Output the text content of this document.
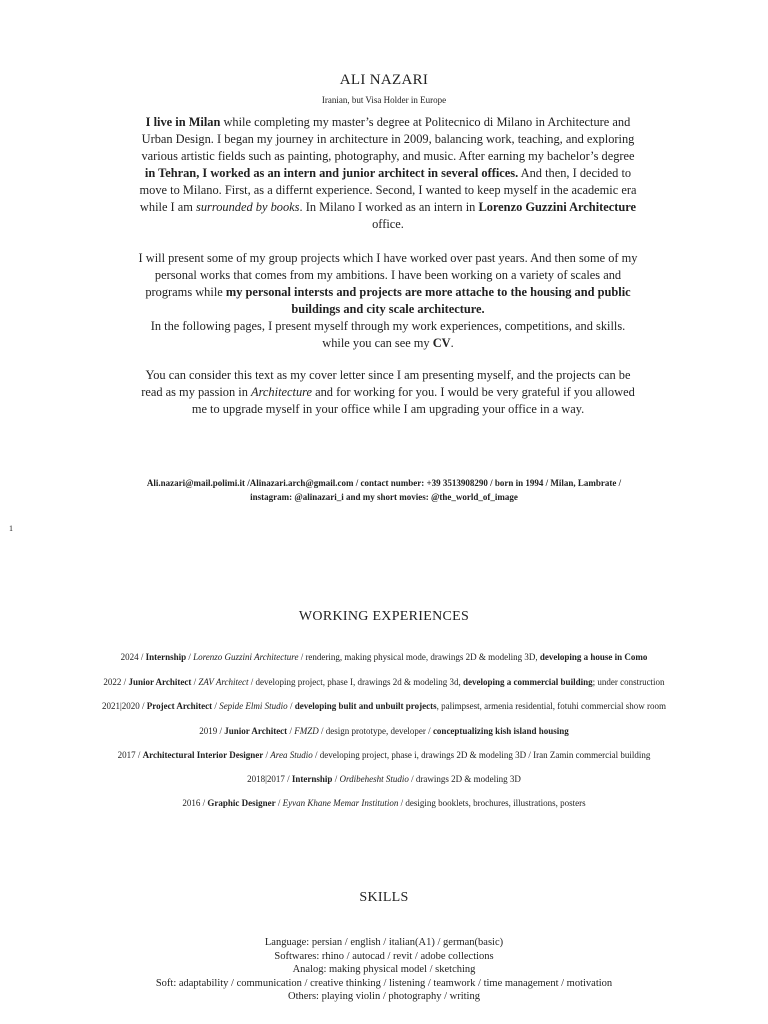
ALI NAZARI
Iranian, but Visa Holder in Europe
I live in Milan while completing my master’s degree at Politecnico di Milano in Architecture and Urban Design. I began my journey in architecture in 2009, balancing work, teaching, and exploring various artistic fields such as painting, photography, and music. After earning my bachelor’s degree in Tehran, I worked as an intern and junior architect in several offices. And then, I decided to move to Milano. First, as a differnt experience. Second, I wanted to keep myself in the academic era while I am surrounded by books. In Milano I worked as an intern in Lorenzo Guzzini Architecture office.
I will present some of my group projects which I have worked over past years. And then some of my personal works that comes from my ambitions. I have been working on a variety of scales and programs while my personal intersts and projects are more attache to the housing and public buildings and city scale architecture.
In the following pages, I present myself through my work experiences, competitions, and skills. while you can see my CV.
You can consider this text as my cover letter since I am presenting myself, and the projects can be read as my passion in Architecture and for working for you. I would be very grateful if you allowed me to upgrade myself in your office while I am upgrading your office in a way.
Ali.nazari@mail.polimi.it /Alinazari.arch@gmail.com / contact number: +39 3513908290 / born in 1994 / Milan, Lambrate /
instagram: @alinazari_i and my short movies: @the_world_of_image
1
WORKING EXPERIENCES
2024 / Internship / Lorenzo Guzzini Architecture / rendering, making physical mode, drawings 2D & modeling 3D, developing a house in Como
2022 / Junior Architect / ZAV Architect / developing project, phase I, drawings 2d & modeling 3d, developing a commercial building; under construction
2021|2020 / Project Architect / Sepide Elmi Studio / developing bulit and unbuilt projects, palimpsest, armenia residential, fotuhi commercial show room
2019 / Junior Architect / FMZD / design prototype, developer / conceptualizing kish island housing
2017 / Architectural Interior Designer / Area Studio / developing project, phase i, drawings 2D & modeling 3D / Iran Zamin commercial building
2018|2017 / Internship / Ordibehesht Studio / drawings 2D & modeling 3D
2016 / Graphic Designer / Eyvan Khane Memar Institution / desiging booklets, brochures, illustrations, posters
SKILLS
Language: persian / english / italian(A1) / german(basic)
Softwares: rhino / autocad / revit / adobe collections
Analog: making physical model / sketching
Soft: adaptability / communication / creative thinking / listening / teamwork / time management / motivation
Others: playing violin / photography / writing
